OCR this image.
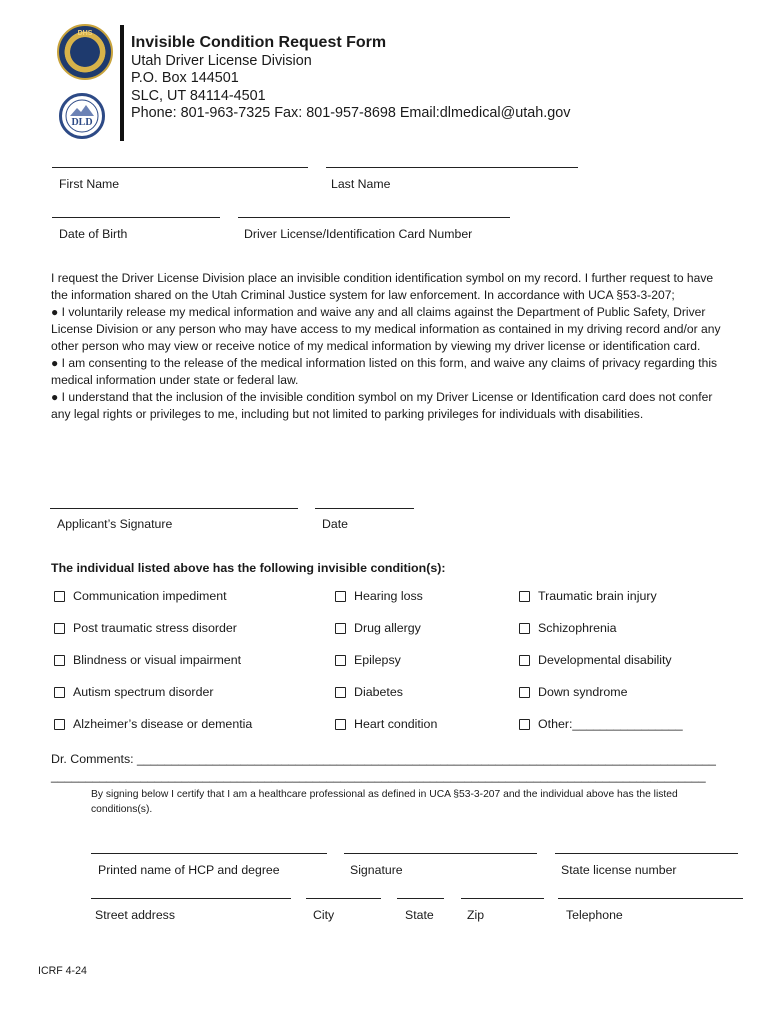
DHS
DLD
Invisible Condition Request Form
Utah Driver License Division
P.O. Box 144501
SLC, UT 84114-4501
Phone: 801-963-7325 Fax: 801-957-8698 Email:dlmedical@utah.gov
First Name	Last Name
Date of Birth	Driver License/Identification Card Number

I request the Driver License Division place an invisible condition identification symbol on my record. I further request to have the information shared on the Utah Criminal Justice system for law enforcement. In accordance with UCA §53-3-207;

● I voluntarily release my medical information and waive any and all claims against the Department of Public Safety, Driver License Division or any person who may have access to my medical information as contained in my driving record and/or any other person who may view or receive notice of my medical information by viewing my driver license or identification card.

● I am consenting to the release of the medical information listed on this form, and waive any claims of privacy regarding this medical information under state or federal law.

● I understand that the inclusion of the invisible condition symbol on my Driver License or Identification card does not confer any legal rights or privileges to me, including but not limited to parking privileges for individuals with disabilities.

Applicant’s Signature	Date
The individual listed above has the following invisible condition(s):
Communication impediment	Hearing loss	Traumatic brain injury
Post traumatic stress disorder	Drug allergy	Schizophrenia
Blindness or visual impairment	Epilepsy	Developmental disability
Autism spectrum disorder	Diabetes	Down syndrome
Alzheimer’s disease or dementia	Heart condition	Other:________________
Dr. Comments: ____________________________________________________________________________________
_______________________________________________________________________________________________
By signing below I certify that I am a healthcare professional as defined in UCA §53-3-207 and the individual above has the listed conditions(s).
Printed name of HCP and degree	Signature	State license number
Street address	City	State	Zip	Telephone
ICRF 4-24
